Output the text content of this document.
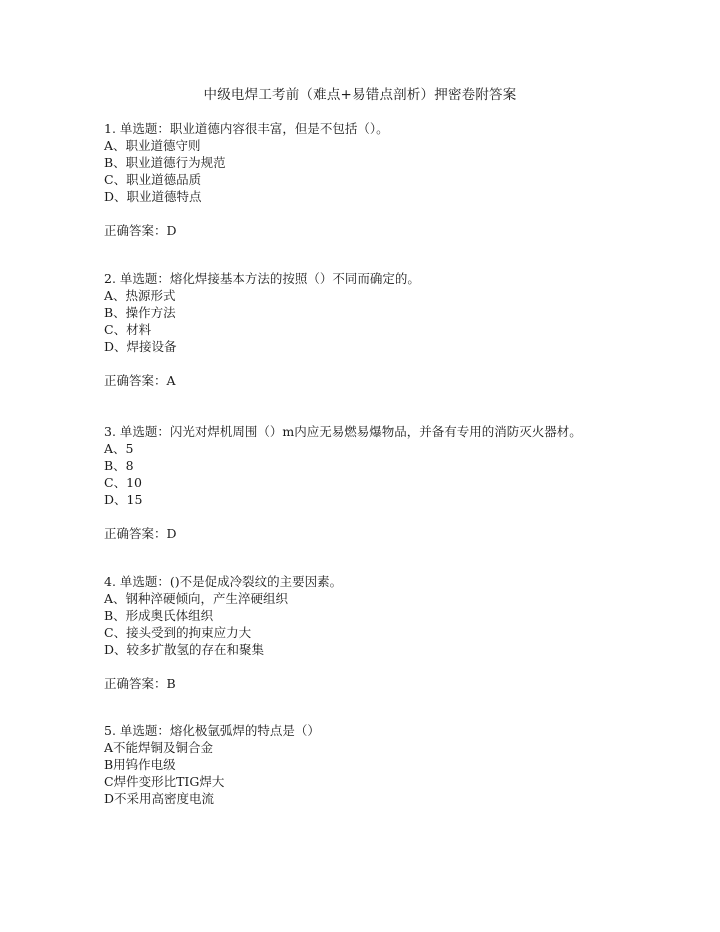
中级电焊工考前（难点+易错点剖析）押密卷附答案
1. 单选题：职业道德内容很丰富，但是不包括（）。
A、职业道德守则
B、职业道德行为规范
C、职业道德品质
D、职业道德特点
正确答案：D
2. 单选题：熔化焊接基本方法的按照（）不同而确定的。
A、热源形式
B、操作方法
C、材料
D、焊接设备
正确答案：A
3. 单选题：闪光对焊机周围（）m内应无易燃易爆物品，并备有专用的消防灭火器材。
A、5
B、8
C、10
D、15
正确答案：D
4. 单选题：()不是促成冷裂纹的主要因素。
A、钢种淬硬倾向，产生淬硬组织
B、形成奥氏体组织
C、接头受到的拘束应力大
D、较多扩散氢的存在和聚集
正确答案：B
5. 单选题：熔化极氩弧焊的特点是（）
A不能焊铜及铜合金
B用钨作电级
C焊件变形比TIG焊大
D不采用高密度电流
